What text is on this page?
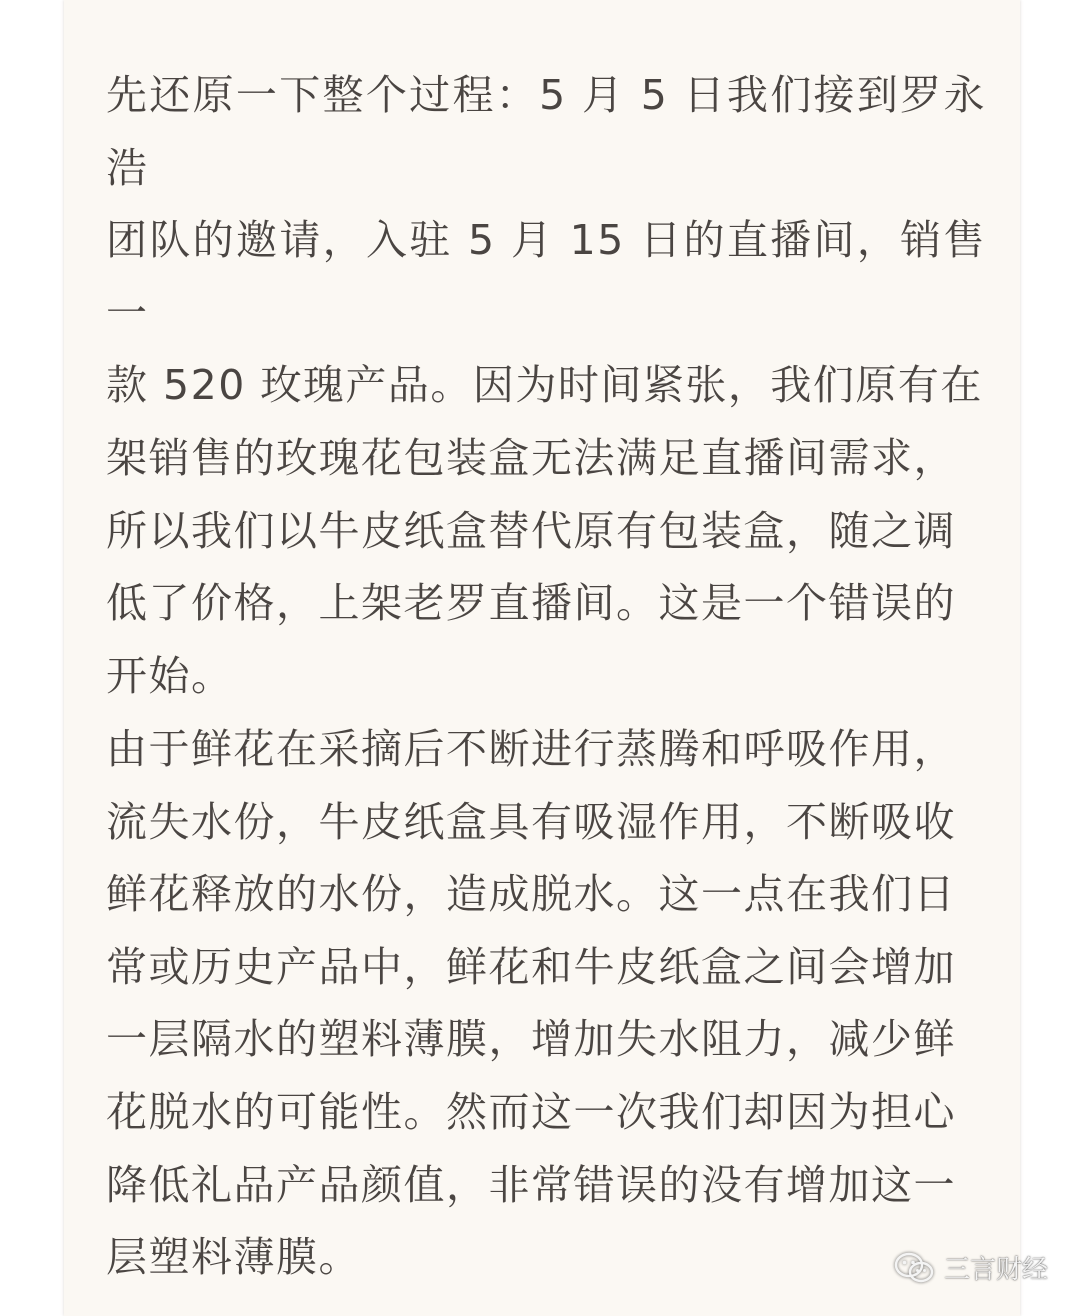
先还原一下整个过程：5 月 5 日我们接到罗永浩
团队的邀请，入驻 5 月 15 日的直播间，销售一
款 520 玫瑰产品。因为时间紧张，我们原有在
架销售的玫瑰花包装盒无法满足直播间需求，
所以我们以牛皮纸盒替代原有包装盒，随之调
低了价格，上架老罗直播间。这是一个错误的
开始。

由于鲜花在采摘后不断进行蒸腾和呼吸作用，
流失水份，牛皮纸盒具有吸湿作用，不断吸收
鲜花释放的水份，造成脱水。这一点在我们日
常或历史产品中，鲜花和牛皮纸盒之间会增加
一层隔水的塑料薄膜，增加失水阻力，减少鲜
花脱水的可能性。然而这一次我们却因为担心
降低礼品产品颜值，非常错误的没有增加这一
层塑料薄膜。	三言财经
